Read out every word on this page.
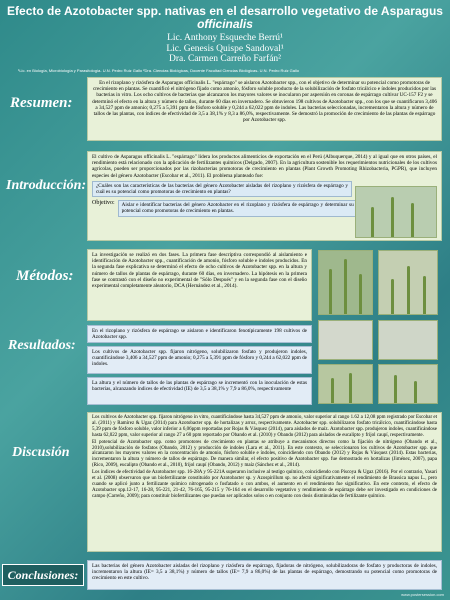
Efecto de Azotobacter spp. nativas en el desarrollo vegetativo de Asparagus
officinalis
Lic. Anthony Esqueche Berrú¹
Lic. Genesis Quispe Sandoval¹
Dra. Carmen Carreño Farfán²
¹Lic. en Biología, Microbiología y Parasitología- U.N. Pedro Ruiz Gallo ²Dra. Ciencias Biológicas, Docente Facultad Ciencias Biológicas- U.N. Pedro Ruiz Gallo
Resumen:

En el rizoplano y rizósfera de Asparagus officinalis L. "espárrago" se aislaron Azotobacter spp., con el objetivo de determinar su potencial como promotoras de crecimiento en plantas. Se cuantificó el nitrógeno fijado como amonio, fósforo soluble producto de la solubilización de fosfato tricálcico e índoles producidos por las bacterias in vitro. Los ocho cultivos de bacterias que alcanzaron los mayores valores se inocularon por aspersión en coronas de espárrago cultivar UC-157 F2 y se determinó el efecto en la altura y número de tallos, durante 60 días en invernadero. Se obtuvieron 198 cultivos de Azotobacter spp., con los que se cuantificaron 3,406 a 34,527 ppm de amonio; 0,275 a 5,391 ppm de fósforo soluble y 0,244 a 62,022 ppm de indoles. Las bacterias seleccionadas, incrementaron la altura y número de tallos de las plantas, con índices de efectividad de 3,5 a 38,1% y 8,3 a 86,0%, respectivamente. Se demostró la promoción de crecimiento de las plantas de espárrago por Azotobacter spp.

Introducción:

El cultivo de Asparagus officinalis L. "espárrago" lidera los productos alimenticios de exportación en el Perú (Albuquerque, 2014) y al igual que en otros países, el rendimiento está relacionado con la aplicación de fertilizantes químicos (Delgado, 2007). En la agricultura sostenible los requerimientos nutricionales de los cultivos agrícolas, pueden ser proporcionados por las rizobacterias promotoras de crecimiento en plantas (Plant Growth Promoting Rhizobacteria, PGPR), que incluyen especies del género Azotobacter (Escobar et al., 2011). El problema planteado fue:

¿Cuáles son las características de las bacterias del género Azotobacter aisladas del rizoplano y rizósfera de espárrago y cuál es su potencial como promotoras de crecimiento en plantas?
Objetivo:	Aislar e identificar bacterias del género Azotobacter en el rizoplano y rizósfera de espárrago y determinar su potencial como promotoras de crecimiento en plantas.
Métodos:

La investigación se realizó en dos fases. La primera fase descriptiva correspondió al aislamiento e identificación de Azotobacter spp., cuantificación de amonio, fósforo soluble e indoles producidos. En la segunda fase explicativa se determinó el efecto de ocho cultivos de Azotobacter spp. en la altura y número de tallos de plantas de espárrago, durante 60 días, en invernadero. La hipótesis en la primera fase se contrastó con el diseño no experimental de "Sólo Después" y en la segunda fase con el diseño experimental completamente aleatorio, DCA (Hernández et al., 2014).

Resultados:

En el rizoplano y rizósfera de espárrago se aislaron e identificaron fenotípicamente 198 cultivos de Azotobacter spp.

Los cultivos de Azotobacter spp. fijaron nitrógeno, solubilizaron fosfato y produjeron indoles, cuantificándose 3,406 a 34,527 ppm de amonio; 0,275 a 5,391 ppm de fósforo y 0,244 a 62,022 ppm de indoles.

La altura y el número de tallos de las plantas de espárrago se incrementó con la inoculación de estas bacterias, alcanzando índices de efectividad (IE) de 3,5 a 38,1% y 7,9 a 86,0%, respectivamente

Discusión

Los cultivos de Azotobacter spp. fijaron nitrógeno in vitro, cuantificándose hasta 34,527 ppm de amonio, valor superior al rango 1.62 a 12,08 ppm registrado por Escobar et al. (2011) y Ramírez & Ugaz (2014) para Azotobacter spp. de hortalizas y arroz, respectivamente. Azotobacter spp. solubilizaron fosfato tricálcico, cuantificándose hasta 5,39 ppm de fósforo soluble, valor inferior a 6,06ppm reportadas por Rojas & Vásquez (2014), para aislados de maíz. Azotobacter spp. produjeron indoles, cuantificándose hasta 62,022 ppm, valor superior al rango 27 a 60 ppm reportado por Obando et al. (2010) y Obando (2012) para aislados de eucalipto y frijol caupí, respectivamente.

El potencial de Azotobacter spp. como promotores de crecimiento en plantas se atribuye a mecanismos directos como la fijación de nitrógeno (Obando et al., 2010),solubilización de fosfatos (Obando, 2012) y producción de indoles (Lara et al., 2011). En este contexto, se seleccionaron los cultivos de Azotobacter spp. que alcanzaron los mayores valores en la concentración de amonio, fósforo soluble e índoles, coincidiendo con Obando (2012) y Rojas & Vásquez (2014). Estas bacterias, incrementaron la altura y número de tallos de espárrago. De manera similar, el efecto positivo de Azotobacter spp. fue demostrado en hortalizas (Jiménez, 2007), papa (Rico, 2009), eucalipto (Obando et al., 2010), frijol caupí (Obando, 2012) y maíz (Sánchez et al., 2014).

Los índices de efectividad de Azotobacter spp. 16-28A y 95-221A superaron inclusive al testigo químico, coincidiendo con Piscoya & Ugaz (2016). Por el contrario, Yasari et al. (2008) observaron que un biofertilizante constituido por Azotobacter sp. y Azospirillum sp. no afectó significativamente el rendimiento de Brassica napus L., pero cuando se aplicó junto a fertilizante químico nitrogenado o fosfatado o con ambos, el aumento en el rendimiento fue significativo. En este contexto, el efecto de Azotobacter spp.12-17, 16-28, 95-221, 21-42, 76-165, 95-215 y 76-164 en el desarrollo vegetativo y rendimiento de espárrago debe ser investigado en condiciones de campo (Carreño, 2009); para constituir biofertilizantes que puedan ser aplicados solos o en conjunto con dosis disminuidas de fertilizante químico.

Conclusiones:

Las bacterias del género Azotobacter aisladas del rizoplano y rizósfera de espárrago, fijadoras de nitrógeno, solubilizadoras de fosfato y productoras de indoles, incrementaron la altura (IE= 3,5 a 38,1%) y número de tallos (IE= 7,9 a 86,0%) de las plantas de espárrago, demostrando su potencial como promotoras de crecimiento en este cultivo.

www.postersession.com
